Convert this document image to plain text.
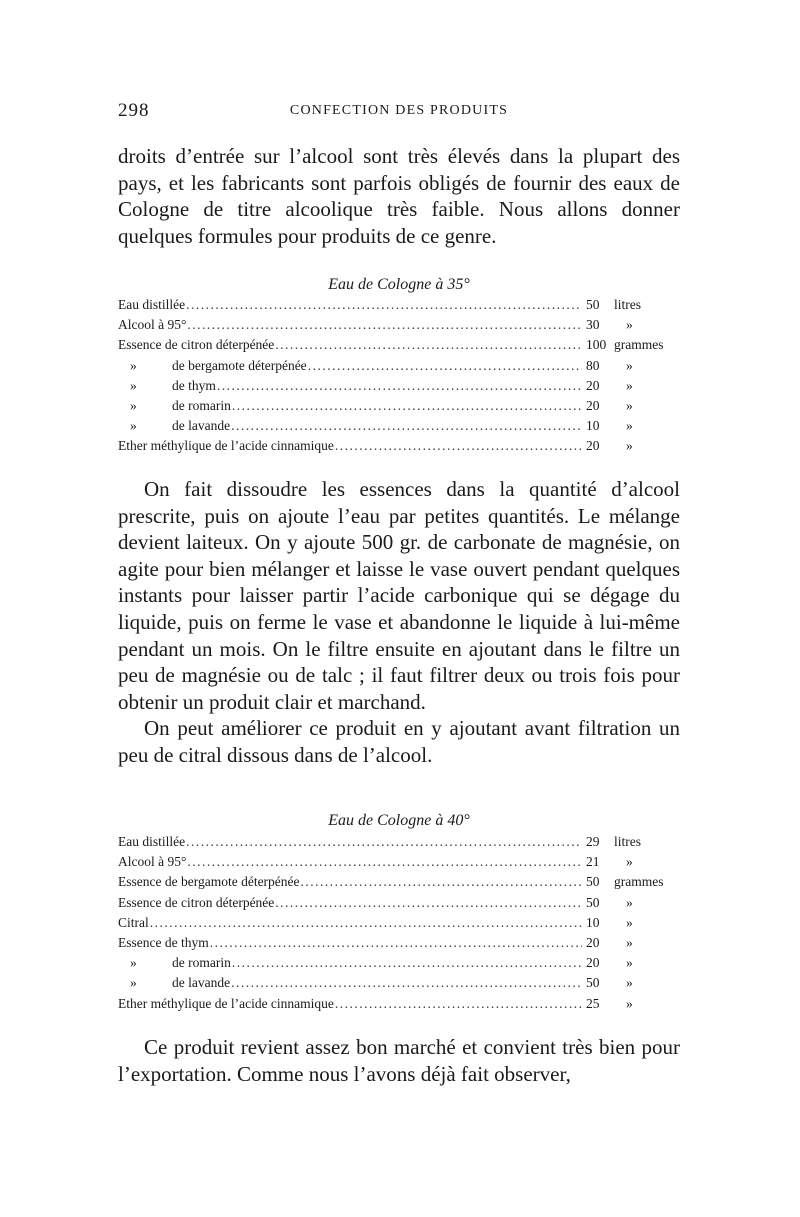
298	CONFECTION DES PRODUITS

droits d’entrée sur l’alcool sont très élevés dans la plupart des pays, et les fabricants sont parfois obligés de fournir des eaux de Cologne de titre alcoolique très faible. Nous allons donner quelques formules pour produits de ce genre.

Eau de Cologne à 35°
Eau distillée .....	50	litres
Alcool à 95° .....	30	»
Essence de citron déterpénée .....	100 grammes
»	de bergamote déterpénée .....	80	»
»	de thym .....	20	»
»	de romarin .....	20	»
»	de lavande .....	10	»
Ether méthylique de l’acide cinnamique .....	20	»

On fait dissoudre les essences dans la quantité d’alcool prescrite, puis on ajoute l’eau par petites quantités. Le mélange devient laiteux. On y ajoute 500 gr. de carbonate de magnésie, on agite pour bien mélanger et laisse le vase ouvert pendant quelques instants pour laisser partir l’acide carbonique qui se dégage du liquide, puis on ferme le vase et abandonne le liquide à lui-même pendant un mois. On le filtre ensuite en ajoutant dans le filtre un peu de magnésie ou de talc ; il faut filtrer deux ou trois fois pour obtenir un produit clair et marchand.

On peut améliorer ce produit en y ajoutant avant filtration un peu de citral dissous dans de l’alcool.

Eau de Cologne à 40°
Eau distillée .....	29	litres
Alcool à 95° .....	21	»
Essence de bergamote déterpénée .....	50	grammes
Essence de citron déterpénée .....	50	»
Citral .....	10	»
Essence de thym .....	20	»
»	de romarin .....	20	»
»	de lavande .....	50	»
Ether méthylique de l’acide cinnamique .....	25	»

Ce produit revient assez bon marché et convient très bien pour l’exportation. Comme nous l’avons déjà fait observer,
